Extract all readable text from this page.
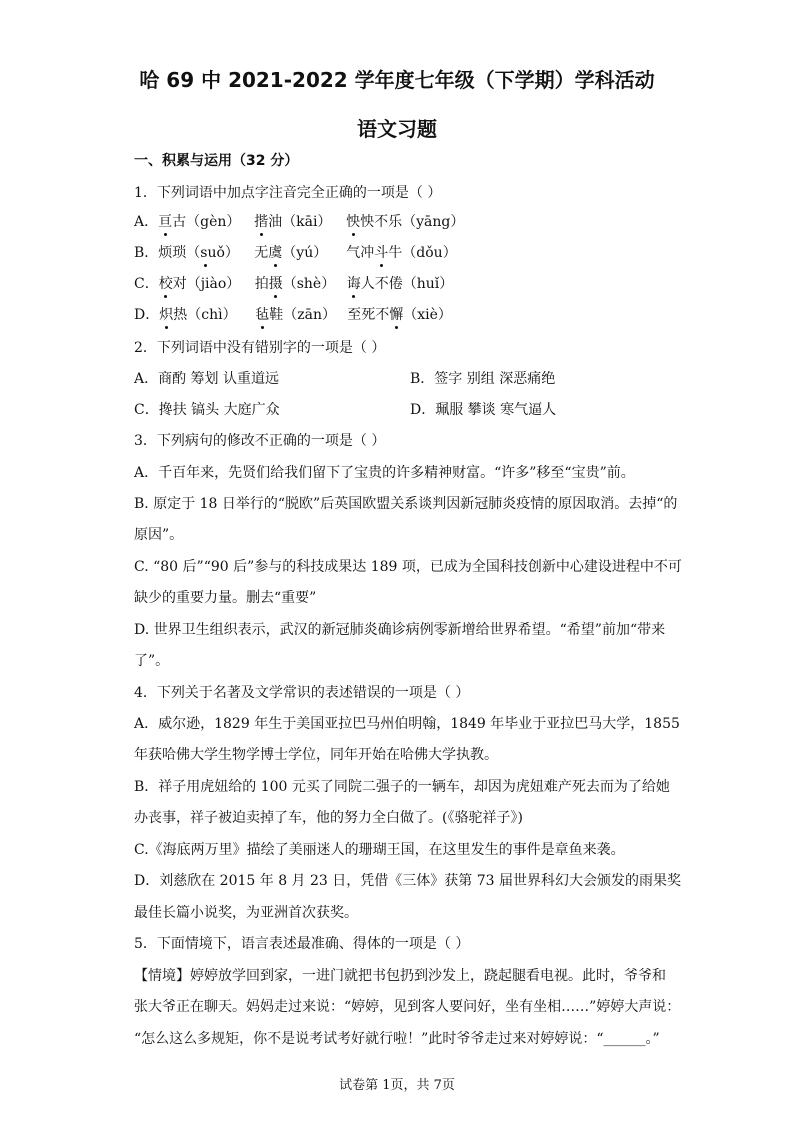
哈 69 中 2021-2022 学年度七年级（下学期）学科活动
语文习题
一、积累与运用（32 分）
1．下列词语中加点字注音完全正确的一项是（ ）
A．亘古（gèn） 揩油（kāi） 怏怏不乐（yāng）
B．烦琐（suǒ） 无虞（yú） 气冲斗牛（dǒu）
C．校对（jiào） 拍摄（shè） 诲人不倦（huǐ）
D．炽热（chì） 毡鞋（zān） 至死不懈（xiè）
2．下列词语中没有错别字的一项是（ ）
A．商酌 筹划 认重道远	B．签字 别组 深恶痛绝
C．搀扶 镐头 大庭广众	D．珮服 攀谈 寒气逼人
3．下列病句的修改不正确的一项是（ ）
A．千百年来，先贤们给我们留下了宝贵的许多精神财富。“许多”移至“宝贵”前。
B. 原定于 18 日举行的“脱欧”后英国欧盟关系谈判因新冠肺炎疫情的原因取消。去掉“的
原因”。
C. “80 后”“90 后”参与的科技成果达 189 项，已成为全国科技创新中心建设进程中不可
缺少的重要力量。删去“重要”
D. 世界卫生组织表示，武汉的新冠肺炎确诊病例零新增给世界希望。“希望”前加“带来
了”。
4．下列关于名著及文学常识的表述错误的一项是（ ）
A．威尔逊，1829 年生于美国亚拉巴马州伯明翰，1849 年毕业于亚拉巴马大学，1855
年获哈佛大学生物学博士学位，同年开始在哈佛大学执教。
B．祥子用虎妞给的 100 元买了同院二强子的一辆车，却因为虎妞难产死去而为了给她
办丧事，祥子被迫卖掉了车，他的努力全白做了。(《骆驼祥子》)
C.《海底两万里》描绘了美丽迷人的珊瑚王国，在这里发生的事件是章鱼来袭。
D．刘慈欣在 2015 年 8 月 23 日，凭借《三体》获第 73 届世界科幻大会颁发的雨果奖
最佳长篇小说奖，为亚洲首次获奖。
5．下面情境下，语言表述最准确、得体的一项是（ ）
【情境】婷婷放学回到家，一进门就把书包扔到沙发上，跷起腿看电视。此时，爷爷和
张大爷正在聊天。妈妈走过来说：“婷婷，见到客人要问好，坐有坐相……”婷婷大声说：
“怎么这么多规矩，你不是说考试考好就行啦！”此时爷爷走过来对婷婷说：“______。”
试卷第 1页，共 7页
